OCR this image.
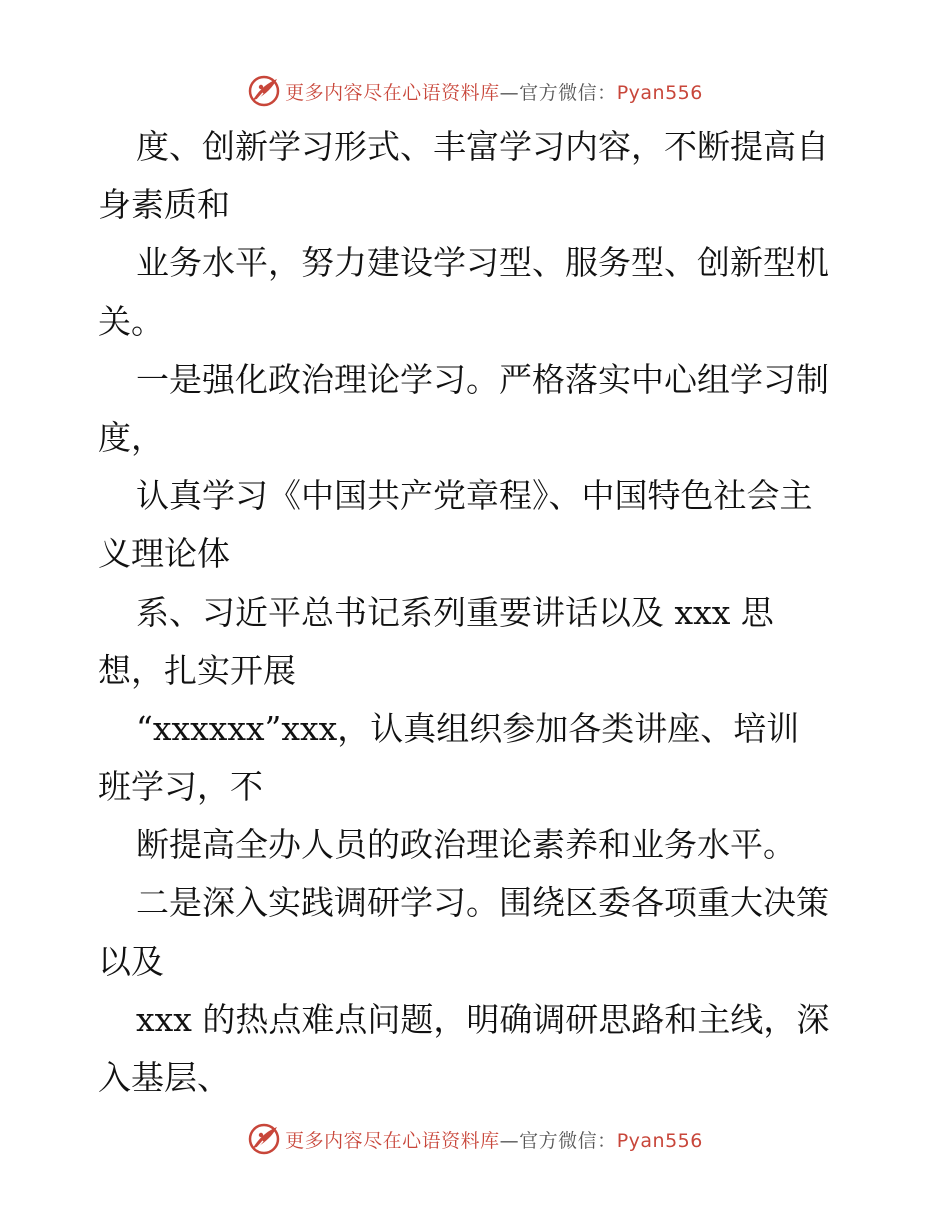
更多内容尽在心语资料库—官方微信：Pyan556
度、创新学习形式、丰富学习内容，不断提高自
身素质和
业务水平，努力建设学习型、服务型、创新型机
关。
一是强化政治理论学习。严格落实中心组学习制
度，
认真学习《中国共产党章程》、中国特色社会主
义理论体
系、习近平总书记系列重要讲话以及 xxx 思
想，扎实开展
“xxxxxx”xxx，认真组织参加各类讲座、培训
班学习，不
断提高全办人员的政治理论素养和业务水平。
二是深入实践调研学习。围绕区委各项重大决策
以及
xxx 的热点难点问题，明确调研思路和主线，深
入基层、
更多内容尽在心语资料库—官方微信：Pyan556
